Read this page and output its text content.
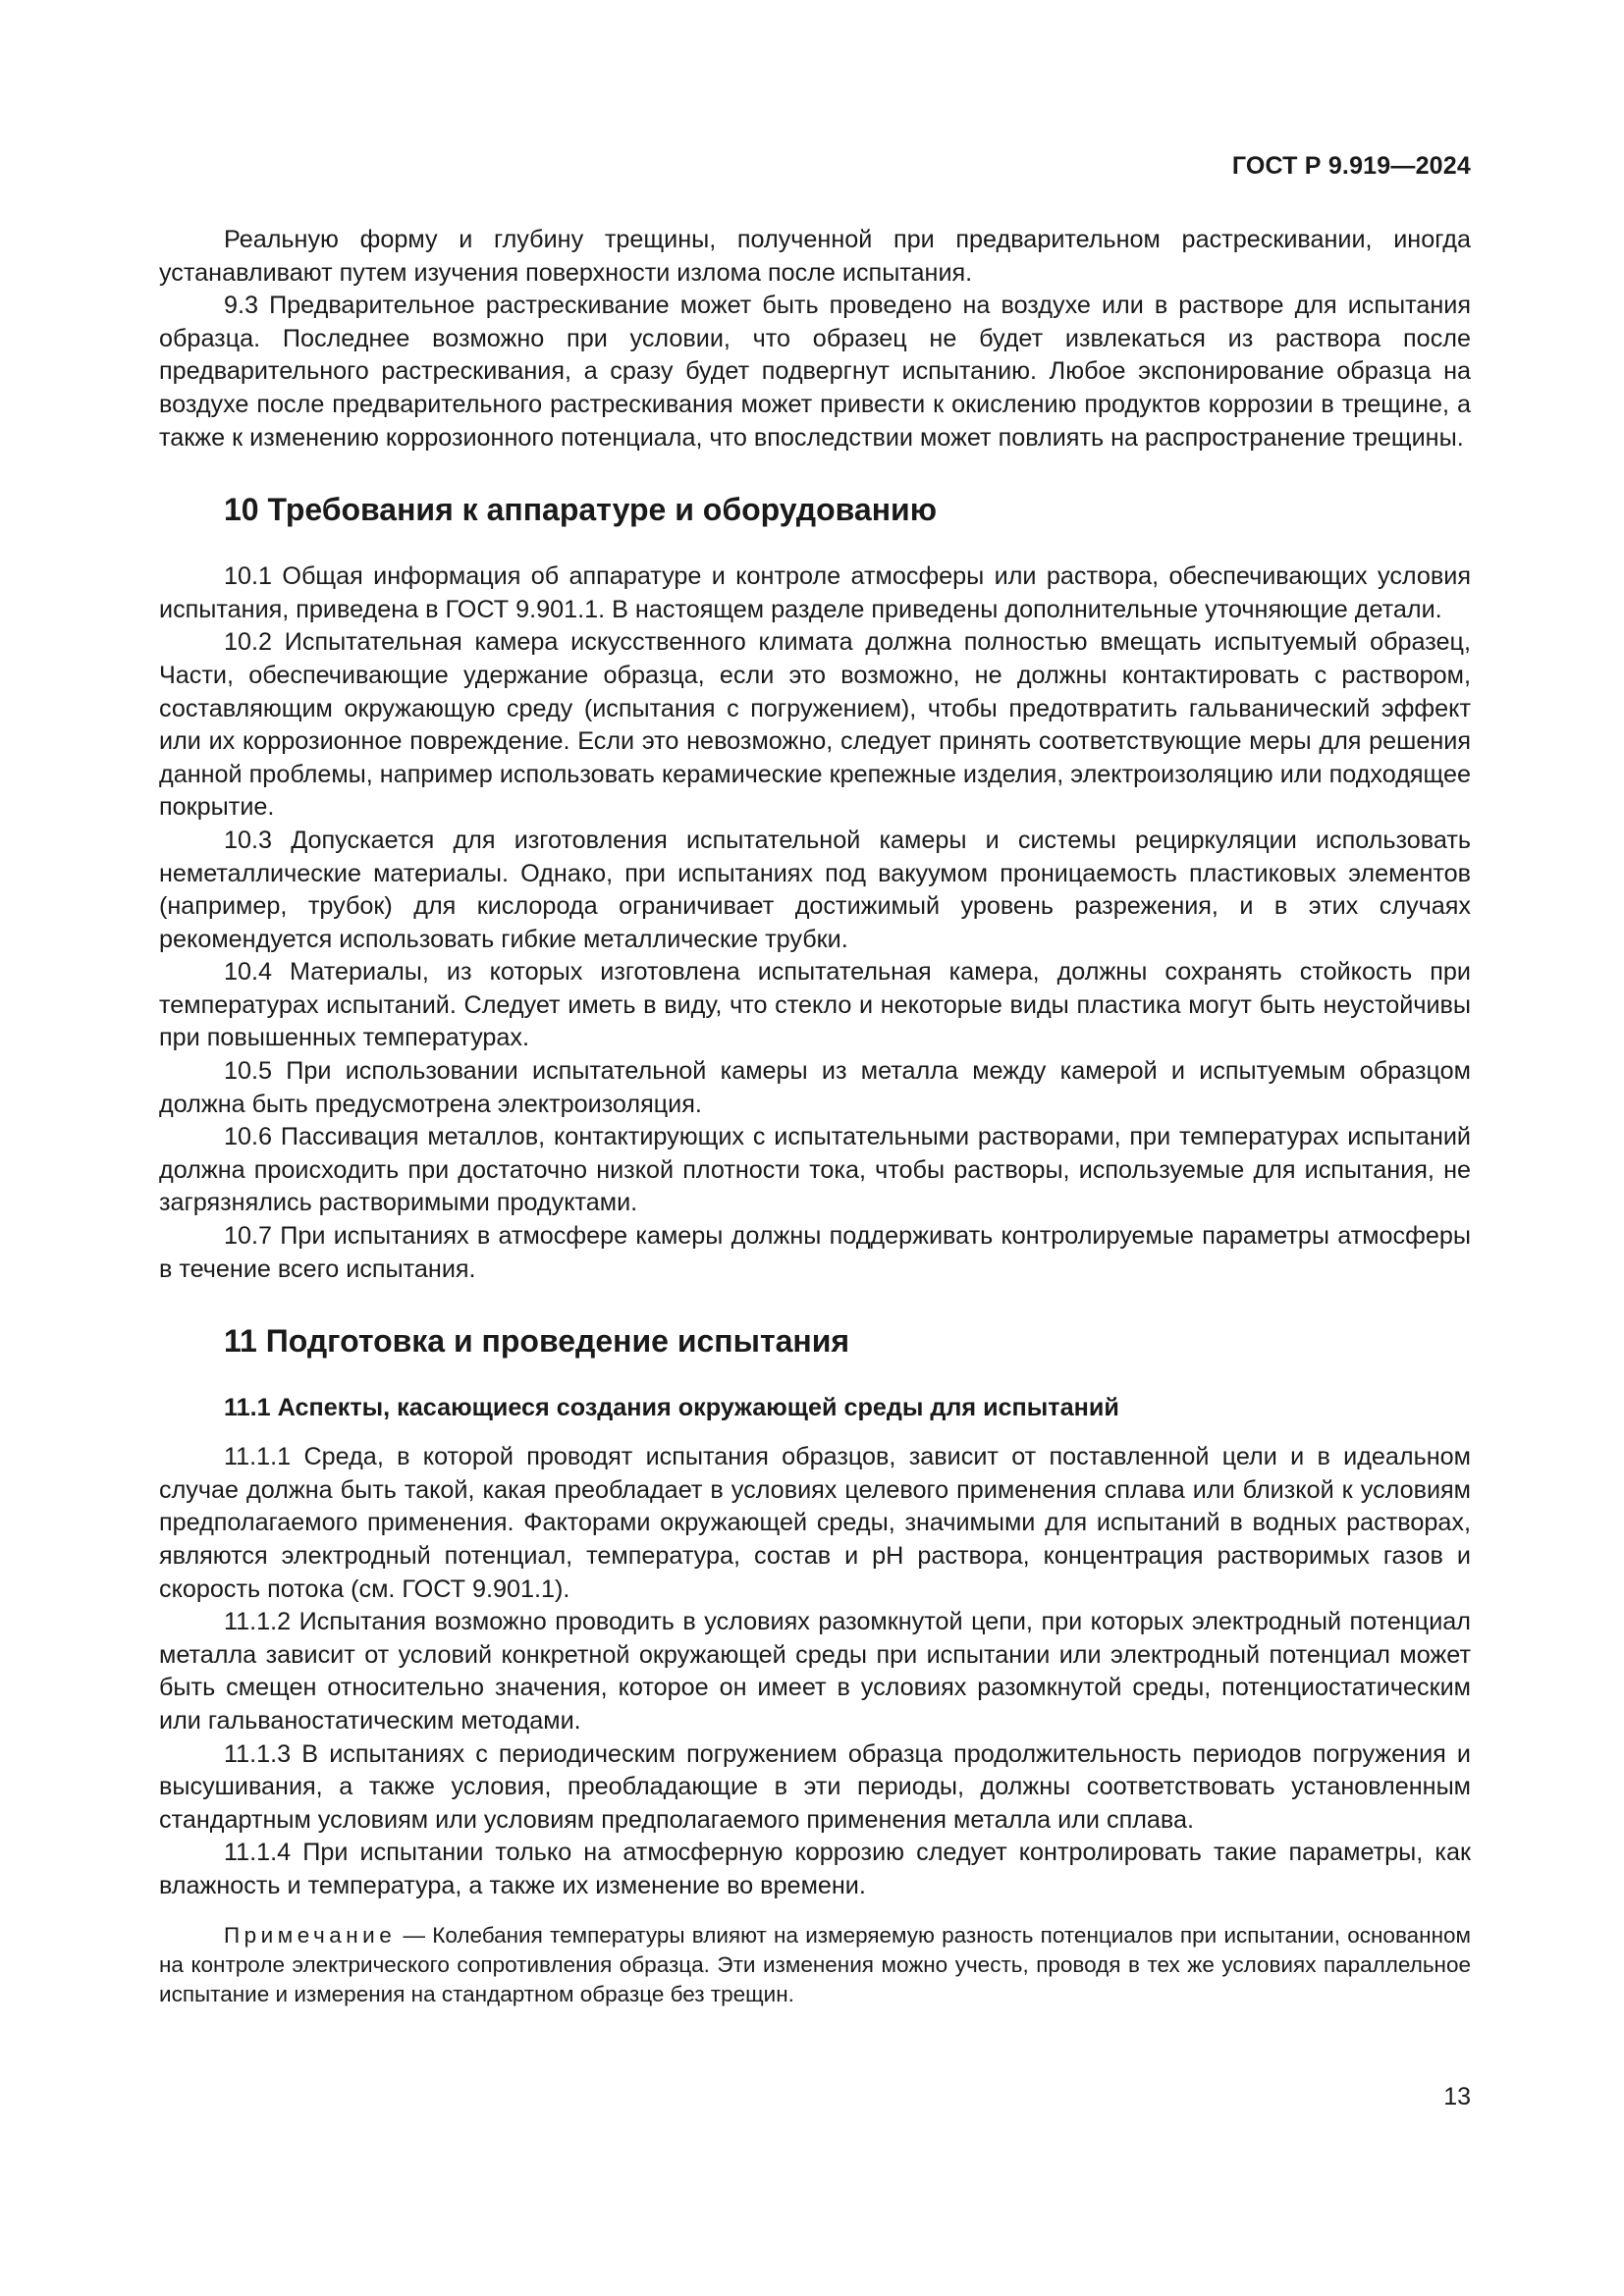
ГОСТ Р 9.919—2024

Реальную форму и глубину трещины, полученной при предварительном растрескивании, иногда устанавливают путем изучения поверхности излома после испытания.

9.3 Предварительное растрескивание может быть проведено на воздухе или в растворе для испытания образца. Последнее возможно при условии, что образец не будет извлекаться из раствора после предварительного растрескивания, а сразу будет подвергнут испытанию. Любое экспонирование образца на воздухе после предварительного растрескивания может привести к окислению продуктов коррозии в трещине, а также к изменению коррозионного потенциала, что впоследствии может повлиять на распространение трещины.

10 Требования к аппаратуре и оборудованию

10.1 Общая информация об аппаратуре и контроле атмосферы или раствора, обеспечивающих условия испытания, приведена в ГОСТ 9.901.1. В настоящем разделе приведены дополнительные уточняющие детали.

10.2 Испытательная камера искусственного климата должна полностью вмещать испытуемый образец, Части, обеспечивающие удержание образца, если это возможно, не должны контактировать с раствором, составляющим окружающую среду (испытания с погружением), чтобы предотвратить гальванический эффект или их коррозионное повреждение. Если это невозможно, следует принять соответствующие меры для решения данной проблемы, например использовать керамические крепежные изделия, электроизоляцию или подходящее покрытие.

10.3 Допускается для изготовления испытательной камеры и системы рециркуляции использовать неметаллические материалы. Однако, при испытаниях под вакуумом проницаемость пластиковых элементов (например, трубок) для кислорода ограничивает достижимый уровень разрежения, и в этих случаях рекомендуется использовать гибкие металлические трубки.

10.4 Материалы, из которых изготовлена испытательная камера, должны сохранять стойкость при температурах испытаний. Следует иметь в виду, что стекло и некоторые виды пластика могут быть неустойчивы при повышенных температурах.

10.5 При использовании испытательной камеры из металла между камерой и испытуемым образцом должна быть предусмотрена электроизоляция.

10.6 Пассивация металлов, контактирующих с испытательными растворами, при температурах испытаний должна происходить при достаточно низкой плотности тока, чтобы растворы, используемые для испытания, не загрязнялись растворимыми продуктами.

10.7 При испытаниях в атмосфере камеры должны поддерживать контролируемые параметры атмосферы в течение всего испытания.

11 Подготовка и проведение испытания
11.1 Аспекты, касающиеся создания окружающей среды для испытаний

11.1.1 Среда, в которой проводят испытания образцов, зависит от поставленной цели и в идеальном случае должна быть такой, какая преобладает в условиях целевого применения сплава или близкой к условиям предполагаемого применения. Факторами окружающей среды, значимыми для испытаний в водных растворах, являются электродный потенциал, температура, состав и рН раствора, концентрация растворимых газов и скорость потока (см. ГОСТ 9.901.1).

11.1.2 Испытания возможно проводить в условиях разомкнутой цепи, при которых электродный потенциал металла зависит от условий конкретной окружающей среды при испытании или электродный потенциал может быть смещен относительно значения, которое он имеет в условиях разомкнутой среды, потенциостатическим или гальваностатическим методами.

11.1.3 В испытаниях с периодическим погружением образца продолжительность периодов погружения и высушивания, а также условия, преобладающие в эти периоды, должны соответствовать установленным стандартным условиям или условиям предполагаемого применения металла или сплава.

11.1.4 При испытании только на атмосферную коррозию следует контролировать такие параметры, как влажность и температура, а также их изменение во времени.

Примечание — Колебания температуры влияют на измеряемую разность потенциалов при испытании, основанном на контроле электрического сопротивления образца. Эти изменения можно учесть, проводя в тех же условиях параллельное испытание и измерения на стандартном образце без трещин.

13
